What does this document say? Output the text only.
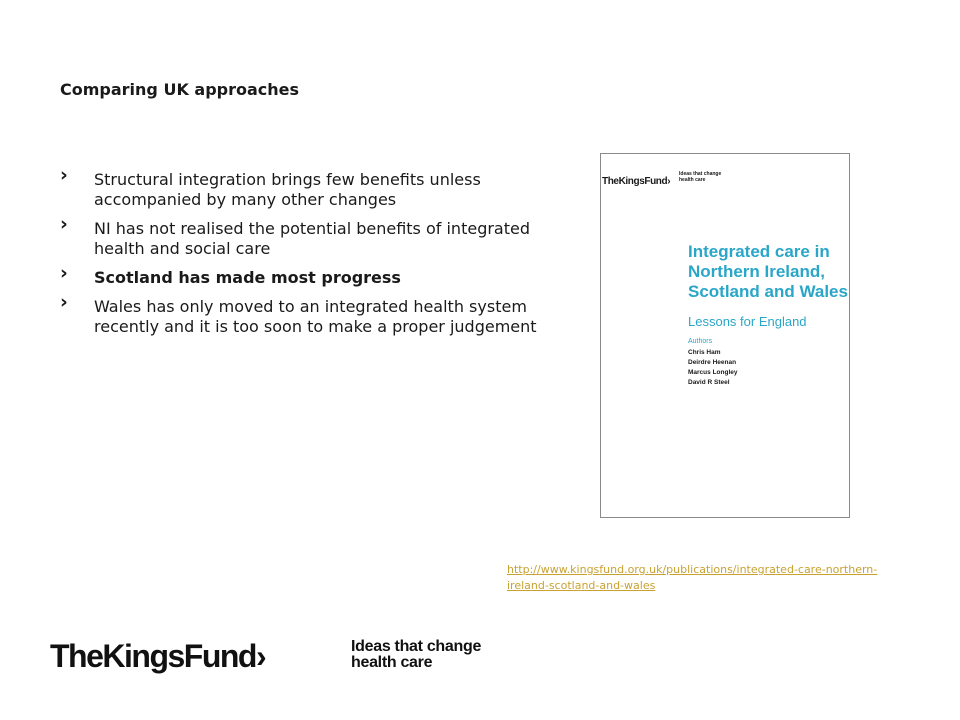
Comparing UK approaches
› Structural integration brings few benefits unless accompanied by many other changes
› NI has not realised the potential benefits of integrated health and social care
› Scotland has made most progress
› Wales has only moved to an integrated health system recently and it is too soon to make a proper judgement
TheKingsFund›
Ideas that change health care
Integrated care in Northern Ireland, Scotland and Wales
Lessons for England
Authors
Chris Ham
Deirdre Heenan
Marcus Longley
David R Steel
http://www.kingsfund.org.uk/publications/integrated-care-northern-ireland-scotland-and-wales
TheKingsFund›	Ideas that change
health care
